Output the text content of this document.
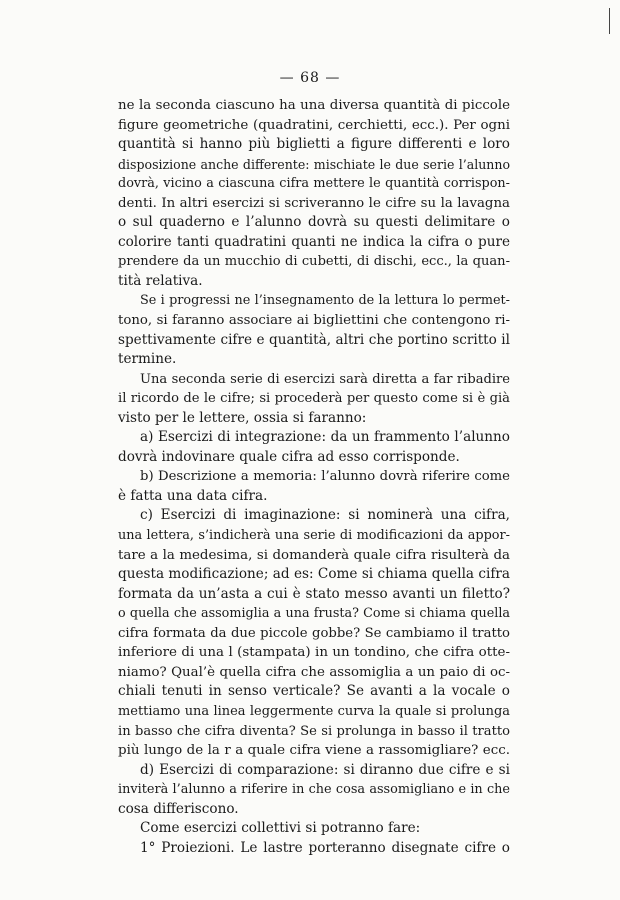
— 68 —
ne la seconda ciascuno ha una diversa quantità di piccole
figure geometriche (quadratini, cerchietti, ecc.). Per ogni
quantità si hanno più biglietti a figure differenti e loro
disposizione anche differente: mischiate le due serie l’alunno
dovrà, vicino a ciascuna cifra mettere le quantità corrispon-
denti. In altri esercizi si scriveranno le cifre su la lavagna
o sul quaderno e l’alunno dovrà su questi delimitare o
colorire tanti quadratini quanti ne indica la cifra o pure
prendere da un mucchio di cubetti, di dischi, ecc., la quan-
tità relativa.
Se i progressi ne l’insegnamento de la lettura lo permet-
tono, si faranno associare ai bigliettini che contengono ri-
spettivamente cifre e quantità, altri che portino scritto il
termine.
Una seconda serie di esercizi sarà diretta a far ribadire
il ricordo de le cifre; si procederà per questo come si è già
visto per le lettere, ossia si faranno:
a) Esercizi di integrazione: da un frammento l’alunno
dovrà indovinare quale cifra ad esso corrisponde.
b) Descrizione a memoria: l’alunno dovrà riferire come
è fatta una data cifra.
c) Esercizi di imaginazione: si nominerà una cifra,
una lettera, s’indicherà una serie di modificazioni da appor-
tare a la medesima, si domanderà quale cifra risulterà da
questa modificazione; ad es: Come si chiama quella cifra
formata da un’asta a cui è stato messo avanti un filetto?
o quella che assomiglia a una frusta? Come si chiama quella
cifra formata da due piccole gobbe? Se cambiamo il tratto
inferiore di una l (stampata) in un tondino, che cifra otte-
niamo? Qual’è quella cifra che assomiglia a un paio di oc-
chiali tenuti in senso verticale? Se avanti a la vocale o
mettiamo una linea leggermente curva la quale si prolunga
in basso che cifra diventa? Se si prolunga in basso il tratto
più lungo de la r a quale cifra viene a rassomigliare? ecc.
d) Esercizi di comparazione: si diranno due cifre e si
inviterà l’alunno a riferire in che cosa assomigliano e in che
cosa differiscono.
Come esercizi collettivi si potranno fare:
1° Proiezioni. Le lastre porteranno disegnate cifre o
